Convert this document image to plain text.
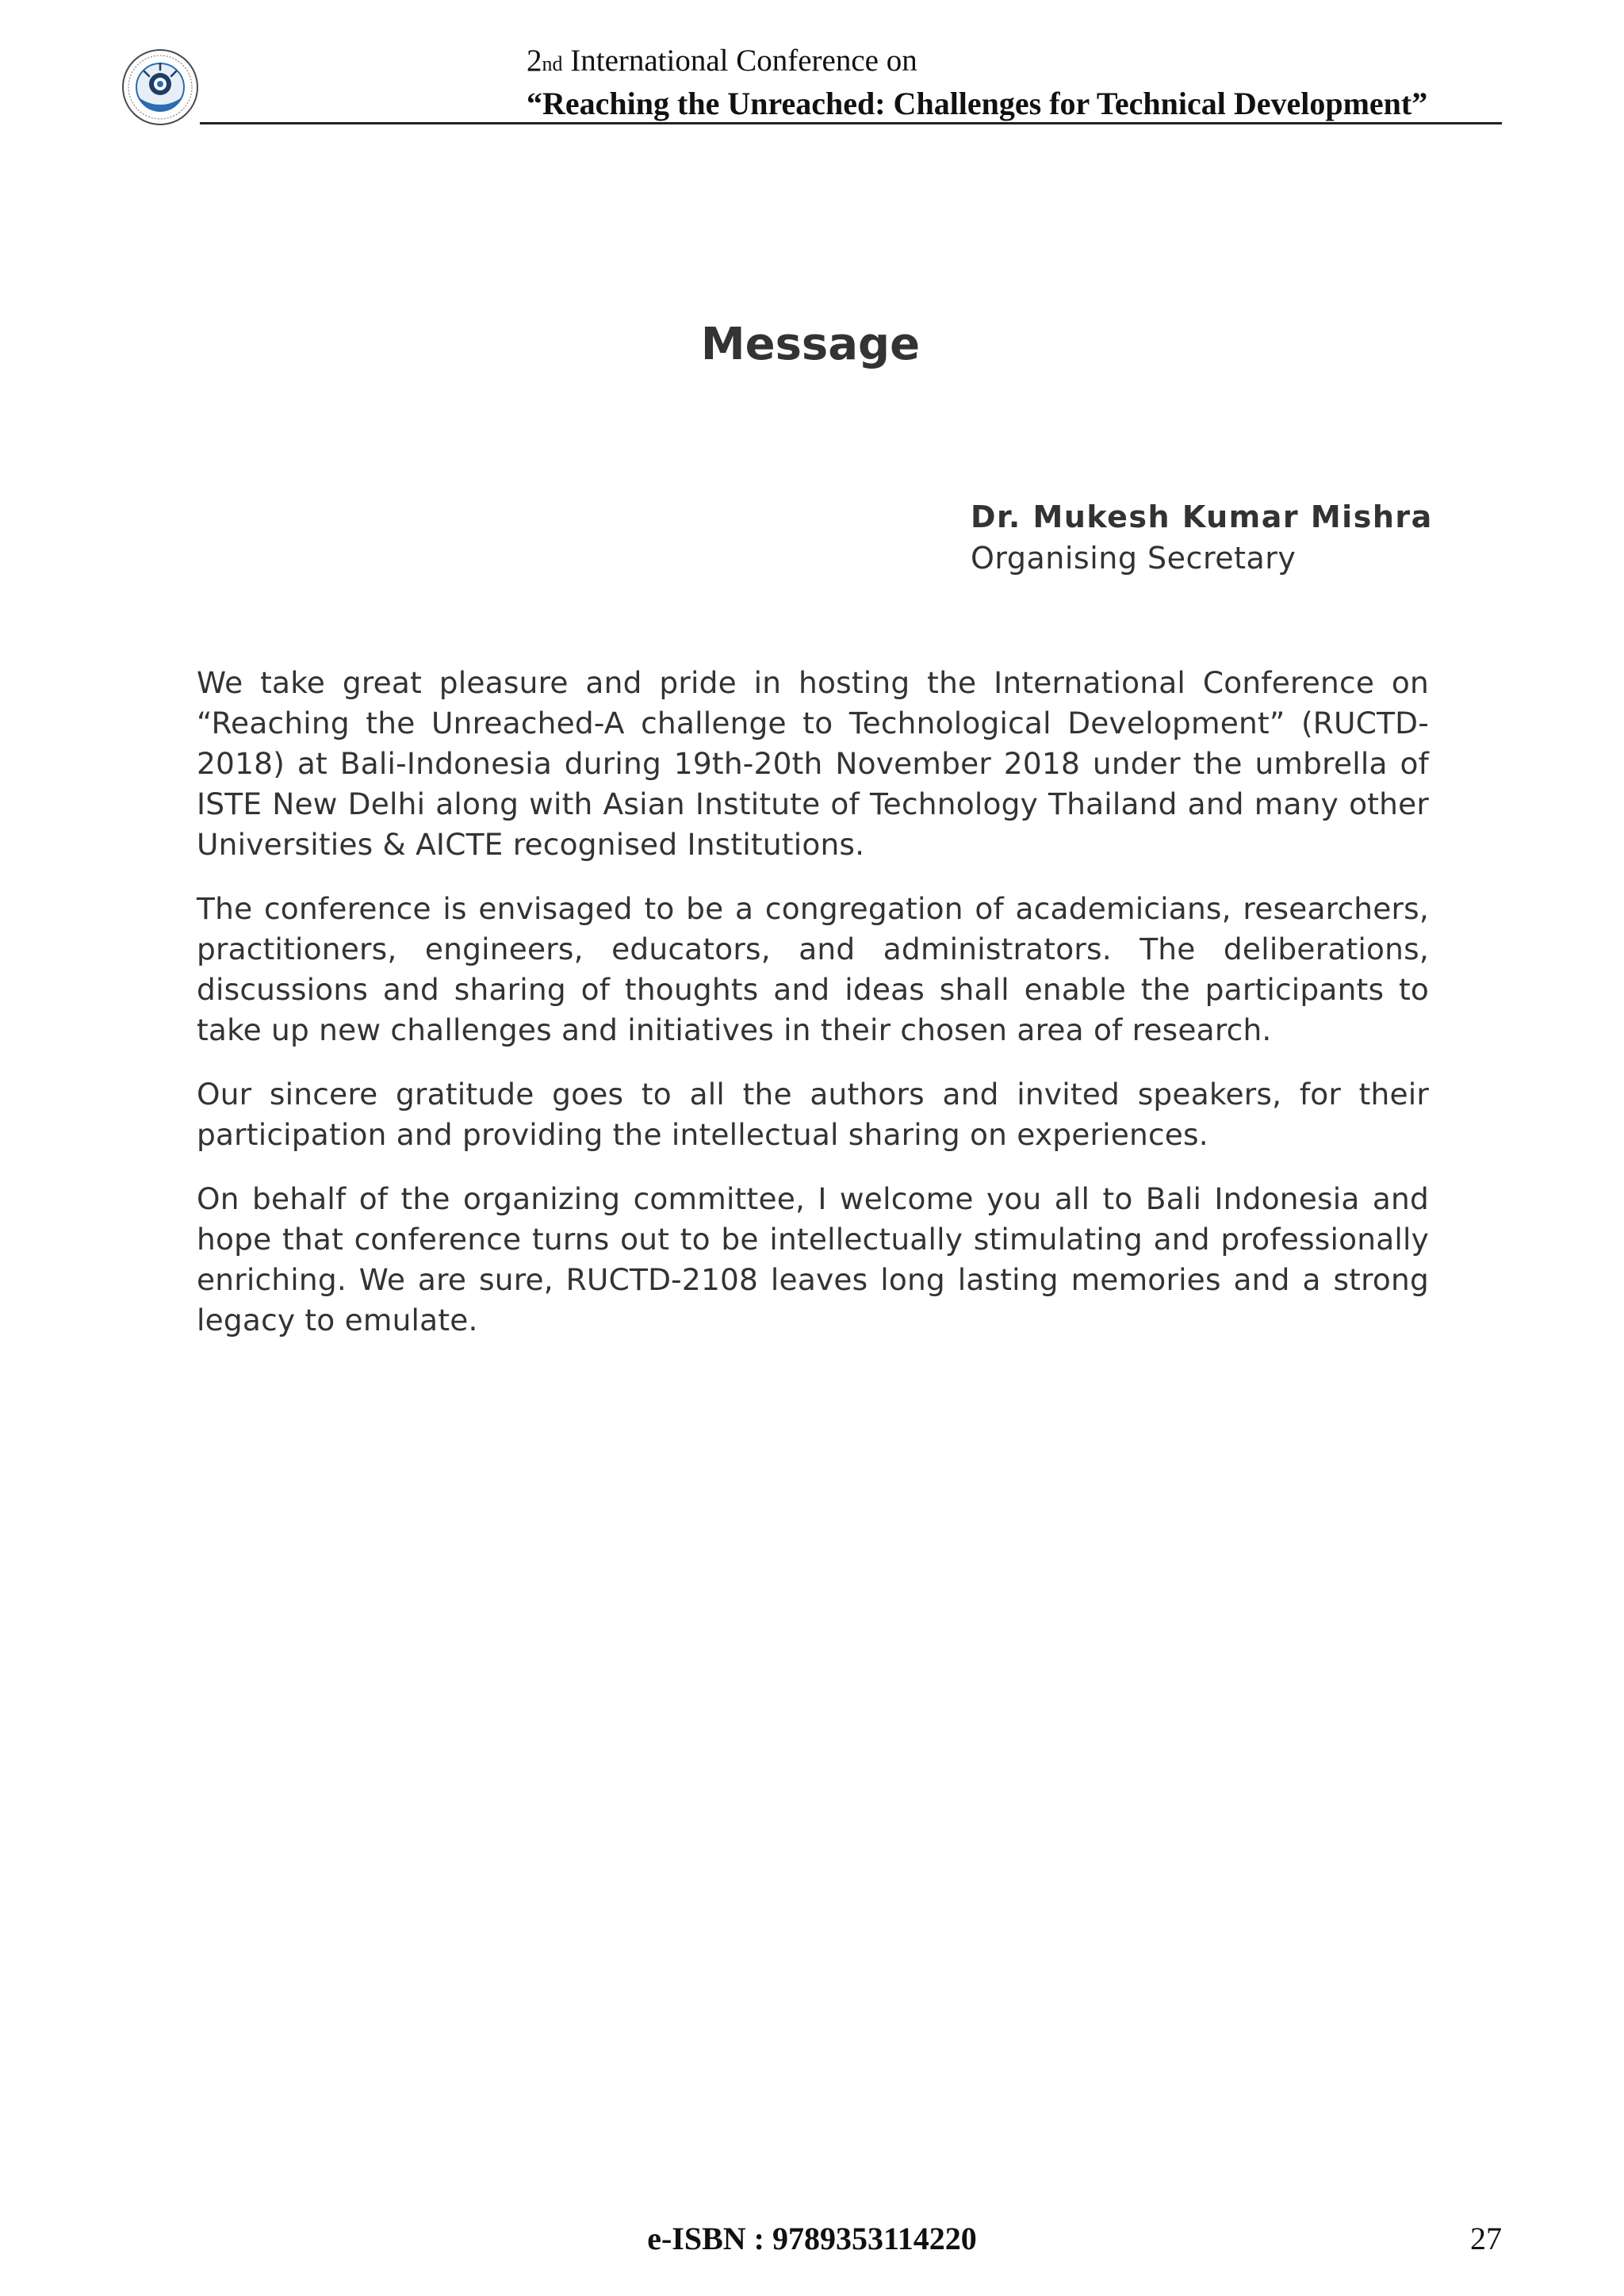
2nd International Conference on
“Reaching the Unreached: Challenges for Technical Development”
Message
Dr. Mukesh Kumar Mishra
Organising Secretary

We take great pleasure and pride in hosting the International Conference on “Reaching the Unreached-A challenge to Technological Development” (RUCTD-2018) at Bali-Indonesia during 19th-20th November 2018 under the umbrella of ISTE New Delhi along with Asian Institute of Technology Thailand and many other Universities & AICTE recognised Institutions.

The conference is envisaged to be a congregation of academicians, researchers, practitioners, engineers, educators, and administrators. The deliberations, discussions and sharing of thoughts and ideas shall enable the participants to take up new challenges and initiatives in their chosen area of research.

Our sincere gratitude goes to all the authors and invited speakers, for their participation and providing the intellectual sharing on experiences.

On behalf of the organizing committee, I welcome you all to Bali Indonesia and hope that conference turns out to be intellectually stimulating and professionally enriching. We are sure, RUCTD-2108 leaves long lasting memories and a strong legacy to emulate.

e-ISBN : 9789353114220	27
